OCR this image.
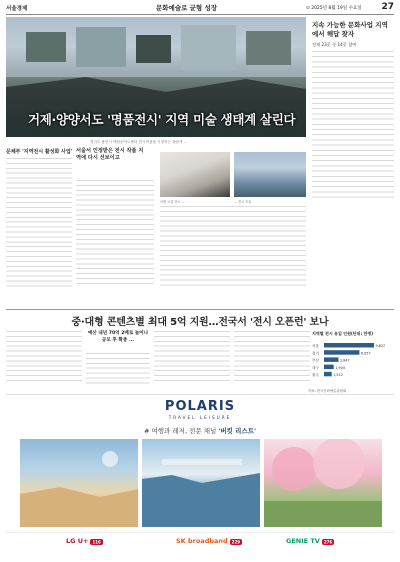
서울경제	문화예술로 균형 성장	⊙ 2025년 8월 19일 수요일 27
거제·양양서도 '명품전시' 지역 미술 생태계 살린다
지속 가능한 문화사업 지역에서 해답 찾자
전재 23곳 중 14곳 참여
경기도 용인시 백남준아트센터 전시작품을 시청하는 관람객 ...
문체부 '지역전시 활성화 사업' 서울서 인정받은 전시 작품 지역에 다시 선보이고
어떤 시설 전시 ...	... 전시 모습
중·대형 콘텐츠별 최대 5억 지원…전국서 '전시 오픈런' 보나
예산 내년 70억 2배로 늘어나 공모 후 확충 ...
지역별 전시 유입 인원(단위: 만명)
서울	9,827
경기	6,957
부산	2,847
대구	1,904
광주	1,512
자료: 한국문화예술위원회
POLARIS
TRAVEL LEISURE
# 여행과 레저, 전문 채널 '버킷 리스트'
LG U+ 116	SK broadband 229	GENIE TV 276
